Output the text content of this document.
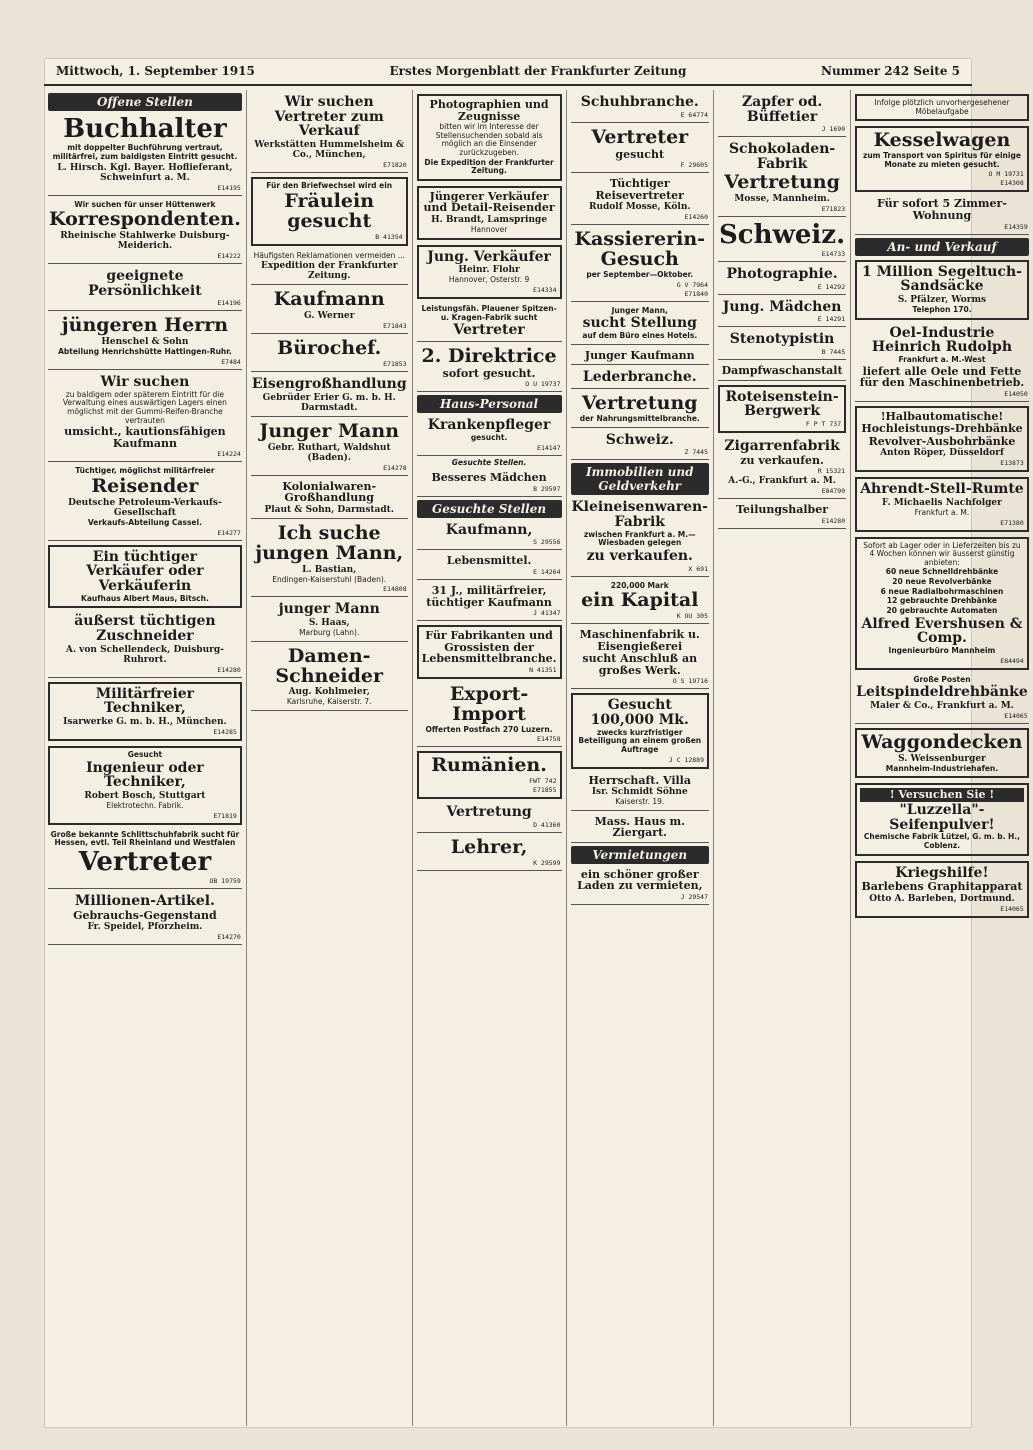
Mittwoch, 1. September 1915	Erstes Morgenblatt der Frankfurter Zeitung	Nummer 242 Seite 5
Offene Stellen
Buchhalter
mit doppelter Buchführung vertraut, militärfrei, zum baldigsten Eintritt gesucht.
L. Hirsch. Kgl. Bayer. Hoflieferant, Schweinfurt a. M.
E14195
Wir suchen für unser Hüttenwerk
Korrespondenten.
Rheinische Stahlwerke Duisburg-Meiderich.
E14222
geeignete Persönlichkeit
E14196
jüngeren Herrn
Henschel & Sohn
Abteilung Henrichshütte Hattingen-Ruhr.
E7484
Wir suchen
zu baldigem oder späterem Eintritt für die Verwaltung eines auswärtigen Lagers einen möglichst mit der Gummi-Reifen-Branche vertrauten
umsicht., kautionsfähigen Kaufmann
E14224
Tüchtiger, möglichst militärfreier
Reisender
Deutsche Petroleum-Verkaufs-Gesellschaft
Verkaufs-Abteilung Cassel.
E14277
Ein tüchtiger Verkäufer oder Verkäuferin
Kaufhaus Albert Maus, Bitsch.
äußerst tüchtigen Zuschneider
A. von Schellendeck, Duisburg-Ruhrort.
E14280
Militärfreier Techniker,
Isarwerke G. m. b. H., München.
E14285
Gesucht
Ingenieur oder Techniker,
Robert Bosch, Stuttgart
Elektrotechn. Fabrik.
E71819
Große bekannte Schlittschuhfabrik sucht für Hessen, evtl. Teil Rheinland und Westfalen
Vertreter
OB 19759
Millionen-Artikel.
Gebrauchs-Gegenstand
Fr. Speidel, Pforzheim.
E14270
Wir suchen Vertreter zum Verkauf
Werkstätten Hummelsheim & Co., München,
E71820
Für den Briefwechsel wird ein
Fräulein gesucht
B 41354
Häufigsten Reklamationen vermeiden ...
Expedition der Frankfurter Zeitung.
Kaufmann
G. Werner
E71843
Bürochef.
E71853
Eisengroßhandlung
Gebrüder Erier G. m. b. H. Darmstadt.
Junger Mann
Gebr. Ruthart, Waldshut (Baden).
E14278
Kolonialwaren-Großhandlung
Plaut & Sohn, Darmstadt.
Ich suche jungen Mann,
L. Bastian,
Endingen-Kaiserstuhl (Baden).
E14808
junger Mann
S. Haas,
Marburg (Lahn).
Damen-Schneider
Aug. Kohlmeier,
Karlsruhe, Kaiserstr. 7.
Photographien und Zeugnisse
bitten wir im Interesse der Stellensuchenden sobald als möglich an die Einsender zurückzugeben.
Die Expedition der Frankfurter Zeitung.
Jüngerer Verkäufer und Detail-Reisender
H. Brandt, Lamspringe
Hannover
Jung. Verkäufer
Heinr. Flohr
Hannover, Osterstr. 9
E14334
Leistungsfäh. Plauener Spitzen- u. Kragen-Fabrik sucht
Vertreter
2. Direktrice
sofort gesucht.
O U 19737
Haus-Personal
Krankenpfleger
gesucht.
E14147
Gesuchte Stellen.
Besseres Mädchen
B 29597
Gesuchte Stellen
Kaufmann,
S 29556
Lebensmittel.
E 14264
31 J., militärfreier, tüchtiger Kaufmann
J 41347
Für Fabrikanten und Grossisten der Lebensmittelbranche.
N 41351
Export-Import
Offerten Postfach 270 Luzern.
E14758
Rumänien.
FWT 742
E71855
Vertretung
D 41360
Lehrer,
K 29599
Schuhbranche.
E 64774
Vertreter
gesucht
F 29605
Tüchtiger Reisevertreter
Rudolf Mosse, Köln.
E14260
Kassiererin-Gesuch
per September—Oktober.
G V 7964
E71840
Junger Mann,
sucht Stellung
auf dem Büro eines Hotels.
Junger Kaufmann
Lederbranche.
Vertretung
der Nahrungsmittelbranche.
Schweiz.
Z 7445
Immobilien und Geldverkehr
Kleineisenwaren-Fabrik
zwischen Frankfurt a. M.—Wiesbaden gelegen
zu verkaufen.
X 691
220,000 Mark
ein Kapital
K OU 305
Maschinenfabrik u. Eisengießerei
sucht Anschluß an großes Werk.
O S 19716
Gesucht 100,000 Mk.
zwecks kurzfristiger Beteiligung an einem großen Auftrage
J C 12889
Herrschaft. Villa
Isr. Schmidt Söhne
Kaiserstr. 19.
Mass. Haus m. Ziergart.
Vermietungen
ein schöner großer Laden zu vermieten,
J 29547
Zapfer od. Büffetier
J 1690
Schokoladen-Fabrik
Vertretung
Mosse, Mannheim.
E71823
Schweiz.
E14733
Photographie.
E 14292
Jung. Mädchen
E 14291
Stenotypistin
B 7445
Dampfwaschanstalt
Roteisenstein-Bergwerk
F P T 737
Zigarrenfabrik
zu verkaufen.
R 15321
A.-G., Frankfurt a. M.
E84790
Teilungshalber
E14280
Infolge plötzlich unvorhergesehener Möbelaufgabe
Kesselwagen
zum Transport von Spiritus für einige Monate zu mieten gesucht.
O M 19731
E14308
Für sofort 5 Zimmer-Wohnung
E14359
An- und Verkauf
1 Million Segeltuch-Sandsäcke
S. Pfälzer, Worms
Telephon 170.
Oel-Industrie Heinrich Rudolph
Frankfurt a. M.-West
liefert alle Oele und Fette für den Maschinenbetrieb.
E14050
!Halbautomatische!
Hochleistungs-Drehbänke
Revolver-Ausbohrbänke
Anton Röper, Düsseldorf
E13873
Ahrendt-Stell-Rumte
F. Michaelis Nachfolger
Frankfurt a. M.
E71380
Sofort ab Lager oder in Lieferzeiten bis zu 4 Wochen können wir äusserst günstig anbieten:
60 neue Schnelldrehbänke
20 neue Revolverbänke
6 neue Radialbohrmaschinen
12 gebrauchte Drehbänke
20 gebrauchte Automaten
Alfred Evershusen & Comp.
Ingenieurbüro Mannheim
E84494
Große Posten
Leitspindeldrehbänke
Maier & Co., Frankfurt a. M.
E14065
Waggondecken
S. Weissenburger
Mannheim-Industriehafen.
! Versuchen Sie !
"Luzzella"-Seifenpulver!
Chemische Fabrik Lützel, G. m. b. H., Coblenz.
Kriegshilfe!
Barlebens Graphitapparat
Otto A. Barleben, Dortmund.
E14065
